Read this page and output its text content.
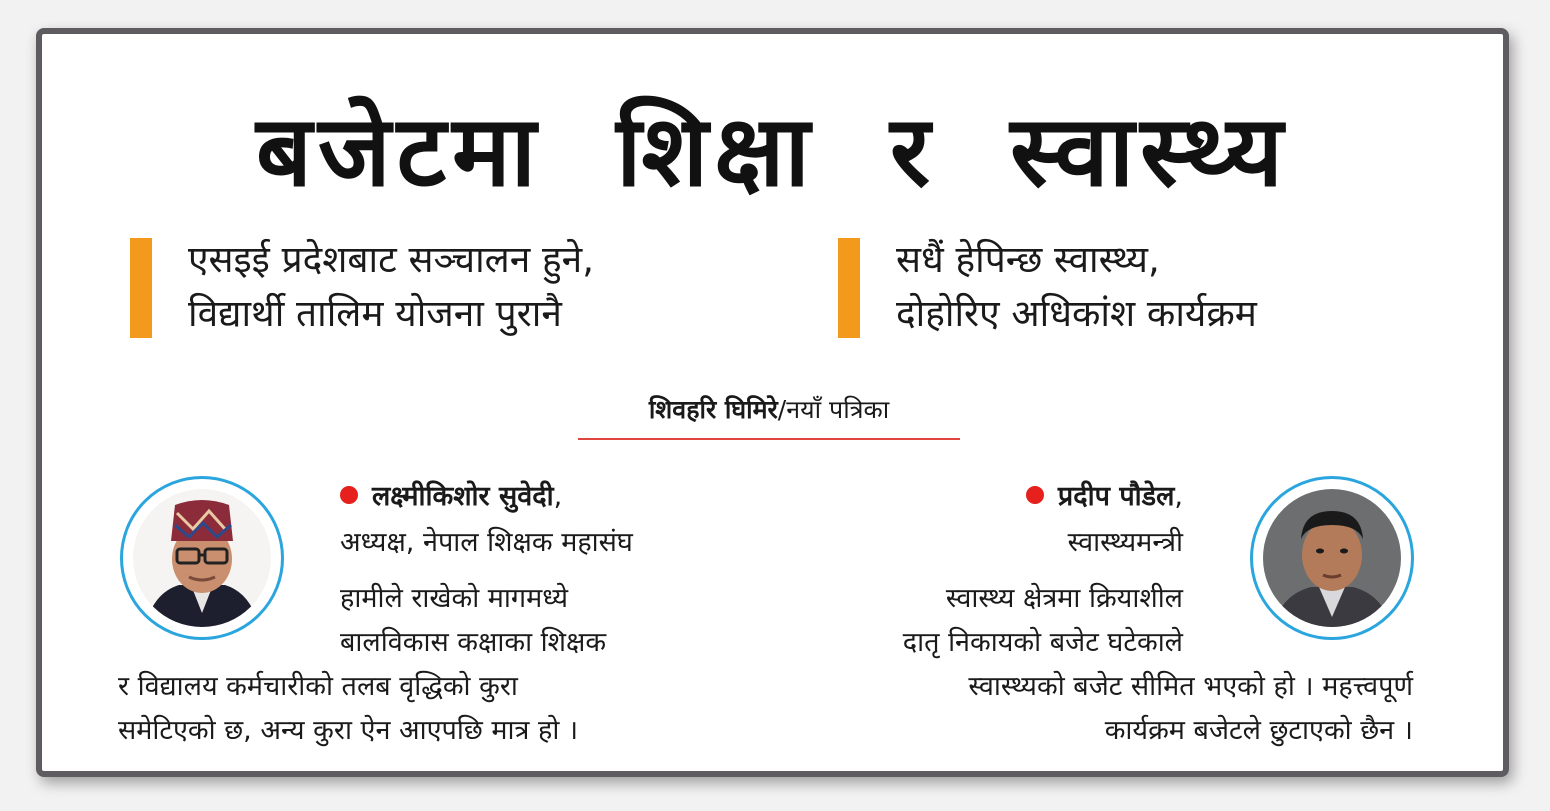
बजेटमा शिक्षा र स्वास्थ्य
एसइई प्रदेशबाट सञ्चालन हुने,
विद्यार्थी तालिम योजना पुरानै
सधैं हेपिन्छ स्वास्थ्य,
दोहोरिए अधिकांश कार्यक्रम
शिवहरि घिमिरे/नयाँ पत्रिका
लक्ष्मीकिशोर सुवेदी,
अध्यक्ष, नेपाल शिक्षक महासंघ
हामीले राखेको मागमध्ये
बालविकास कक्षाका शिक्षक
र विद्यालय कर्मचारीको तलब वृद्धिको कुरा
समेटिएको छ, अन्य कुरा ऐन आएपछि मात्र हो ।
प्रदीप पौडेल,
स्वास्थ्यमन्त्री
स्वास्थ्य क्षेत्रमा क्रियाशील
दातृ निकायको बजेट घटेकाले
स्वास्थ्यको बजेट सीमित भएको हो । महत्त्वपूर्ण
कार्यक्रम बजेटले छुटाएको छैन ।
